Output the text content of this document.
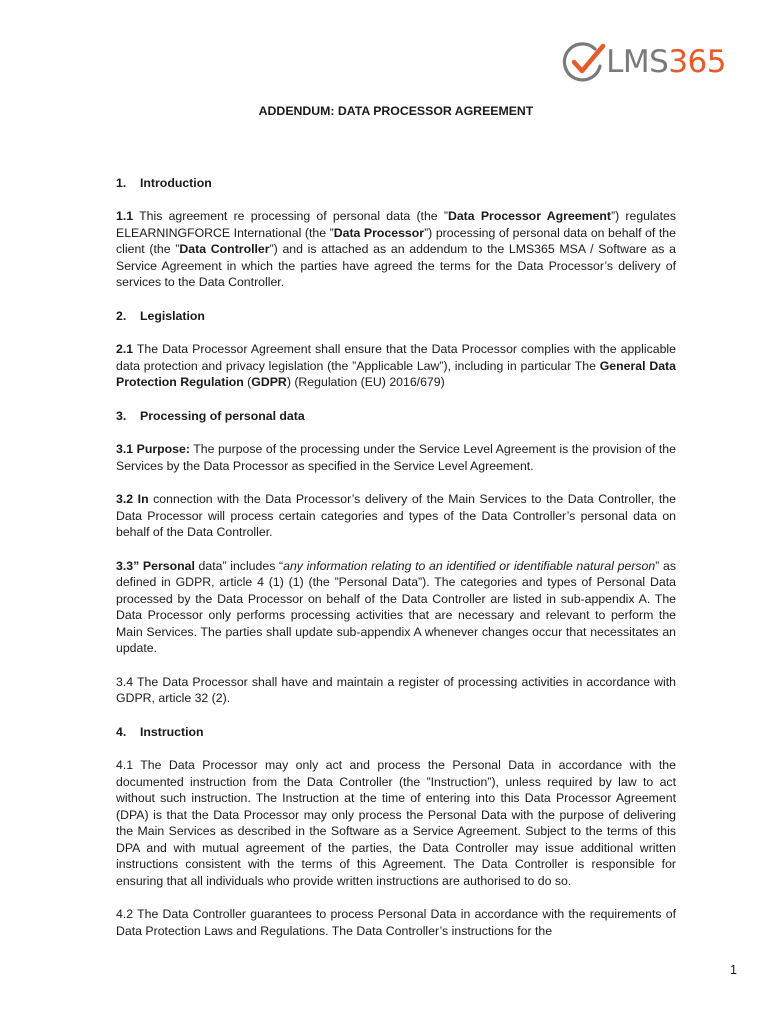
LMS365
ADDENDUM: DATA PROCESSOR AGREEMENT
1. Introduction

1.1 This agreement re processing of personal data (the ”Data Processor Agreement”) regulates ELEARNINGFORCE International (the ”Data Processor”) processing of personal data on behalf of the client (the ”Data Controller”) and is attached as an addendum to the LMS365 MSA / Software as a Service Agreement in which the parties have agreed the terms for the Data Processor’s delivery of services to the Data Controller.

2. Legislation

2.1 The Data Processor Agreement shall ensure that the Data Processor complies with the applicable data protection and privacy legislation (the ”Applicable Law”), including in particular The General Data Protection Regulation (GDPR) (Regulation (EU) 2016/679)

3. Processing of personal data

3.1 Purpose: The purpose of the processing under the Service Level Agreement is the provision of the Services by the Data Processor as specified in the Service Level Agreement.

3.2 In connection with the Data Processor’s delivery of the Main Services to the Data Controller, the Data Processor will process certain categories and types of the Data Controller’s personal data on behalf of the Data Controller.

3.3” Personal data” includes “any information relating to an identified or identifiable natural person” as defined in GDPR, article 4 (1) (1) (the ”Personal Data”). The categories and types of Personal Data processed by the Data Processor on behalf of the Data Controller are listed in sub-appendix A. The Data Processor only performs processing activities that are necessary and relevant to perform the Main Services. The parties shall update sub-appendix A whenever changes occur that necessitates an update.

3.4 The Data Processor shall have and maintain a register of processing activities in accordance with GDPR, article 32 (2).

4. Instruction

4.1 The Data Processor may only act and process the Personal Data in accordance with the documented instruction from the Data Controller (the ”Instruction”), unless required by law to act without such instruction. The Instruction at the time of entering into this Data Processor Agreement (DPA) is that the Data Processor may only process the Personal Data with the purpose of delivering the Main Services as described in the Software as a Service Agreement. Subject to the terms of this DPA and with mutual agreement of the parties, the Data Controller may issue additional written instructions consistent with the terms of this Agreement. The Data Controller is responsible for ensuring that all individuals who provide written instructions are authorised to do so.

4.2 The Data Controller guarantees to process Personal Data in accordance with the requirements of Data Protection Laws and Regulations. The Data Controller’s instructions for the

1
